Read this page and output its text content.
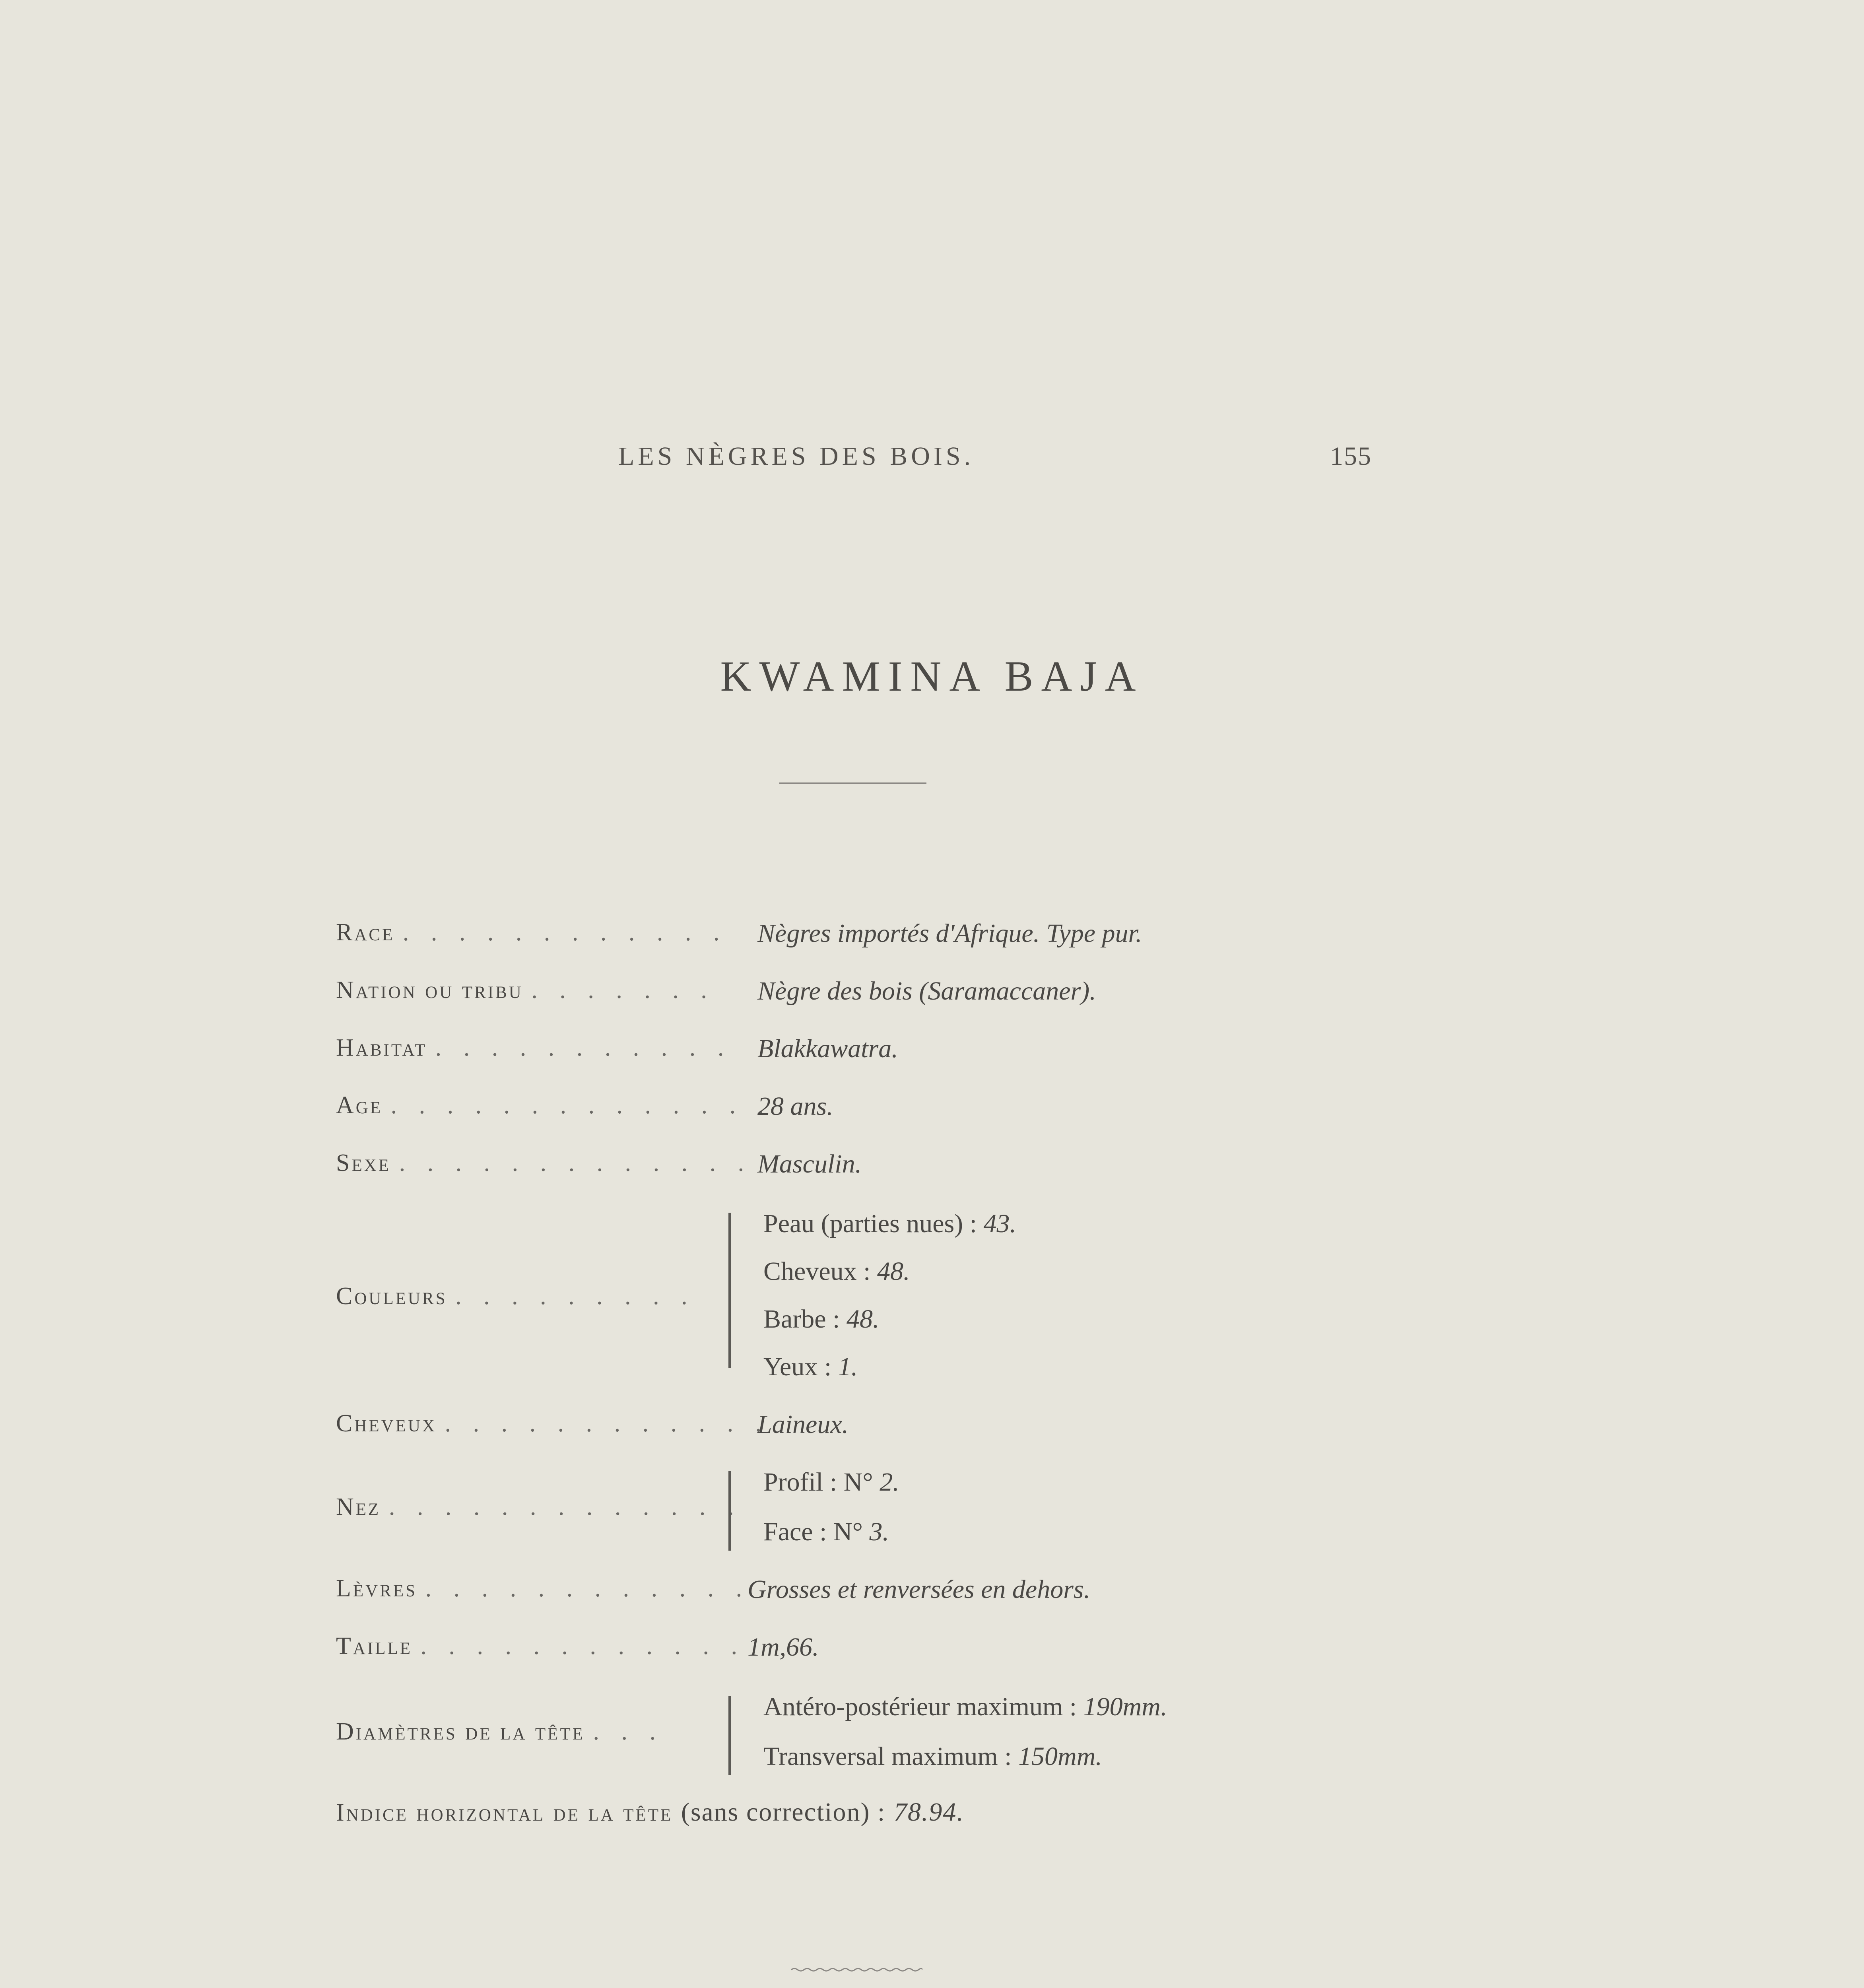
LES NÈGRES DES BOIS.	155
KWAMINA BAJA
Race . . . . . . . . . . . . Nègres importés d'Afrique. Type pur.
Nation ou tribu . . . . . . . Nègre des bois (Saramaccaner).
Habitat . . . . . . . . . . . Blakkawatra.
Age . . . . . . . . . . . . . .
28 ans.
Sexe . . . . . . . . . . . . . Masculin.
Couleurs . . . . . . . . .
Peau (parties nues) : 43.
Cheveux : 48.
Barbe : 48.
Yeux : 1.
Cheveux . . . . . . . . . . . .
Laineux.
Nez . . . . . . . . . . . . .
Profil : N° 2.
Face : N° 3.
Lèvres . . . . . . . . . . . .
Grosses et renversées en dehors.
Taille . . . . . . . . . . . . 1m,66.
Diamètres de la tête . . .
Antéro-postérieur maximum : 190mm.
Transversal maximum : 150mm.
Indice horizontal de la tête (sans correction) : 78.94.
